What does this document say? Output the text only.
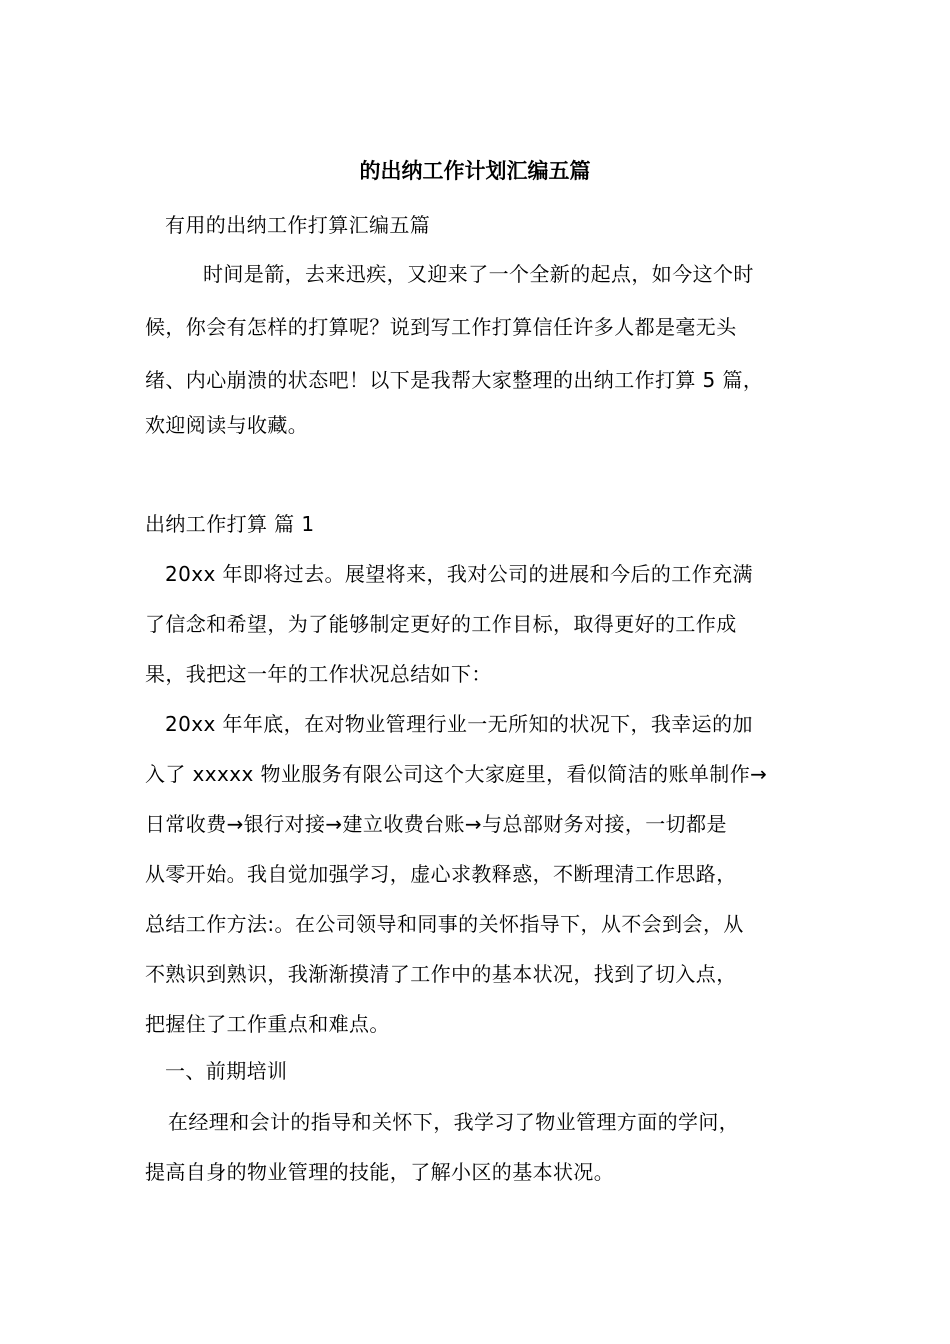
的出纳工作计划汇编五篇
有用的出纳工作打算汇编五篇
时间是箭，去来迅疾，又迎来了一个全新的起点，如今这个时
候，你会有怎样的打算呢？说到写工作打算信任许多人都是毫无头
绪、内心崩溃的状态吧！以下是我帮大家整理的出纳工作打算 5 篇，
欢迎阅读与收藏。
出纳工作打算 篇 1
20xx 年即将过去。展望将来，我对公司的进展和今后的工作充满
了信念和希望，为了能够制定更好的工作目标，取得更好的工作成
果，我把这一年的工作状况总结如下：
20xx 年年底，在对物业管理行业一无所知的状况下，我幸运的加
入了 xxxxx 物业服务有限公司这个大家庭里，看似简洁的账单制作→
日常收费→银行对接→建立收费台账→与总部财务对接，一切都是
从零开始。我自觉加强学习，虚心求教释惑，不断理清工作思路，
总结工作方法:。在公司领导和同事的关怀指导下，从不会到会，从
不熟识到熟识，我渐渐摸清了工作中的基本状况，找到了切入点，
把握住了工作重点和难点。
一、前期培训
在经理和会计的指导和关怀下，我学习了物业管理方面的学问，
提高自身的物业管理的技能，了解小区的基本状况。
